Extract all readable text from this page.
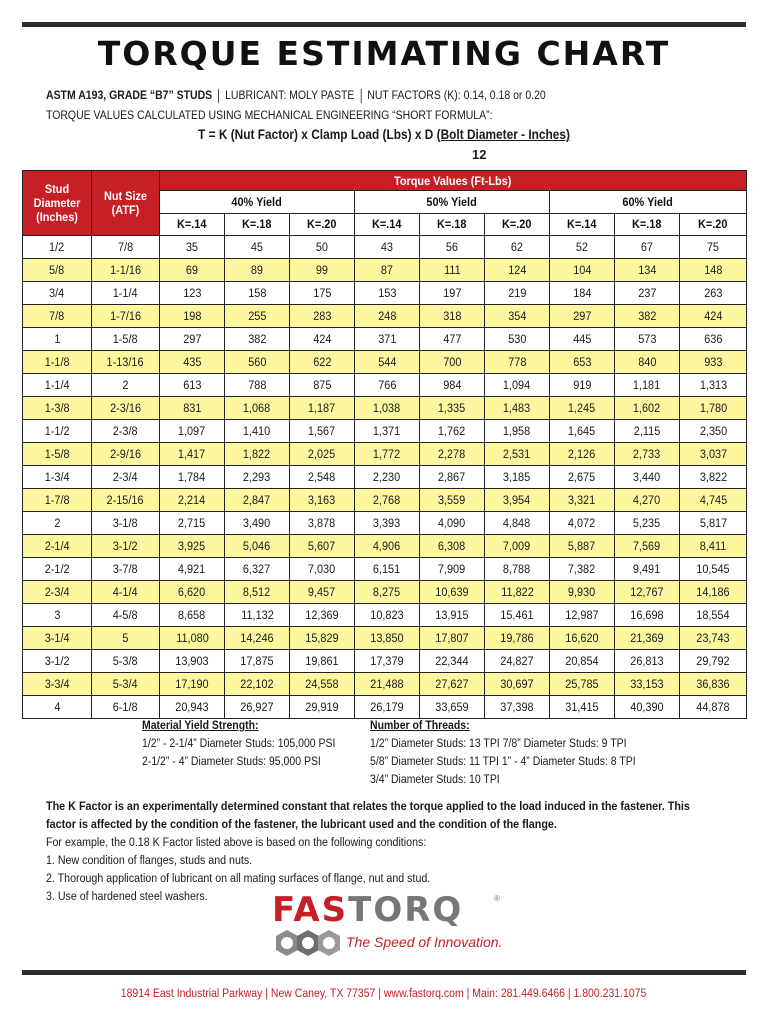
TORQUE ESTIMATING CHART
ASTM A193, GRADE “B7” STUDS LUBRICANT: MOLY PASTE NUT FACTORS (K): 0.14, 0.18 or 0.20
TORQUE VALUES CALCULATED USING MECHANICAL ENGINEERING “SHORT FORMULA”:
T = K (Nut Factor) x Clamp Load (Lbs) x D (Bolt Diameter - Inches)
12
Stud Diameter (Inches)	Nut Size (ATF)	Torque Values (Ft-Lbs)								
		40% Yield			50% Yield			60% Yield		
		K=.14	K=.18	K=.20	K=.14	K=.18	K=.20	K=.14	K=.18	K=.20
1/2	7/8	35	45	50	43	56	62	52	67	75
5/8	1-1/16	69	89	99	87	111	124	104	134	148
3/4	1-1/4	123	158	175	153	197	219	184	237	263
7/8	1-7/16	198	255	283	248	318	354	297	382	424
1	1-5/8	297	382	424	371	477	530	445	573	636
1-1/8	1-13/16	435	560	622	544	700	778	653	840	933
1-1/4	2	613	788	875	766	984	1,094	919	1,181	1,313
1-3/8	2-3/16	831	1,068	1,187	1,038	1,335	1,483	1,245	1,602	1,780
1-1/2	2-3/8	1,097	1,410	1,567	1,371	1,762	1,958	1,645	2,115	2,350
1-5/8	2-9/16	1,417	1,822	2,025	1,772	2,278	2,531	2,126	2,733	3,037
1-3/4	2-3/4	1,784	2,293	2,548	2,230	2,867	3,185	2,675	3,440	3,822
1-7/8	2-15/16	2,214	2,847	3,163	2,768	3,559	3,954	3,321	4,270	4,745
2	3-1/8	2,715	3,490	3,878	3,393	4,090	4,848	4,072	5,235	5,817
2-1/4	3-1/2	3,925	5,046	5,607	4,906	6,308	7,009	5,887	7,569	8,411
2-1/2	3-7/8	4,921	6,327	7,030	6,151	7,909	8,788	7,382	9,491	10,545
2-3/4	4-1/4	6,620	8,512	9,457	8,275	10,639	11,822	9,930	12,767	14,186
3	4-5/8	8,658	11,132	12,369	10,823	13,915	15,461	12,987	16,698	18,554
3-1/4	5	11,080	14,246	15,829	13,850	17,807	19,786	16,620	21,369	23,743
3-1/2	5-3/8	13,903	17,875	19,861	17,379	22,344	24,827	20,854	26,813	29,792
3-3/4	5-3/4	17,190	22,102	24,558	21,488	27,627	30,697	25,785	33,153	36,836
4	6-1/8	20,943	26,927	29,919	26,179	33,659	37,398	31,415	40,390	44,878
Material Yield Strength:
1/2” - 2-1/4” Diameter Studs: 105,000 PSI
2-1/2” - 4” Diameter Studs: 95,000 PSI
Number of Threads:
1/2” Diameter Studs: 13 TPI 7/8” Diameter Studs: 9 TPI
5/8” Diameter Studs: 11 TPI 1” - 4” Diameter Studs: 8 TPI
3/4” Diameter Studs: 10 TPI
The K Factor is an experimentally determined constant that relates the torque applied to the load induced in the fastener. This
factor is affected by the condition of the fastener, the lubricant used and the condition of the flange.
For example, the 0.18 K Factor listed above is based on the following conditions:
1. New condition of flanges, studs and nuts.
2. Thorough application of lubricant on all mating surfaces of flange, nut and stud.
3. Use of hardened steel washers.	FASTORQ	®
The Speed of Innovation.
18914 East Industrial Parkway | New Caney, TX 77357 | www.fastorq.com | Main: 281.449.6466 | 1.800.231.1075
